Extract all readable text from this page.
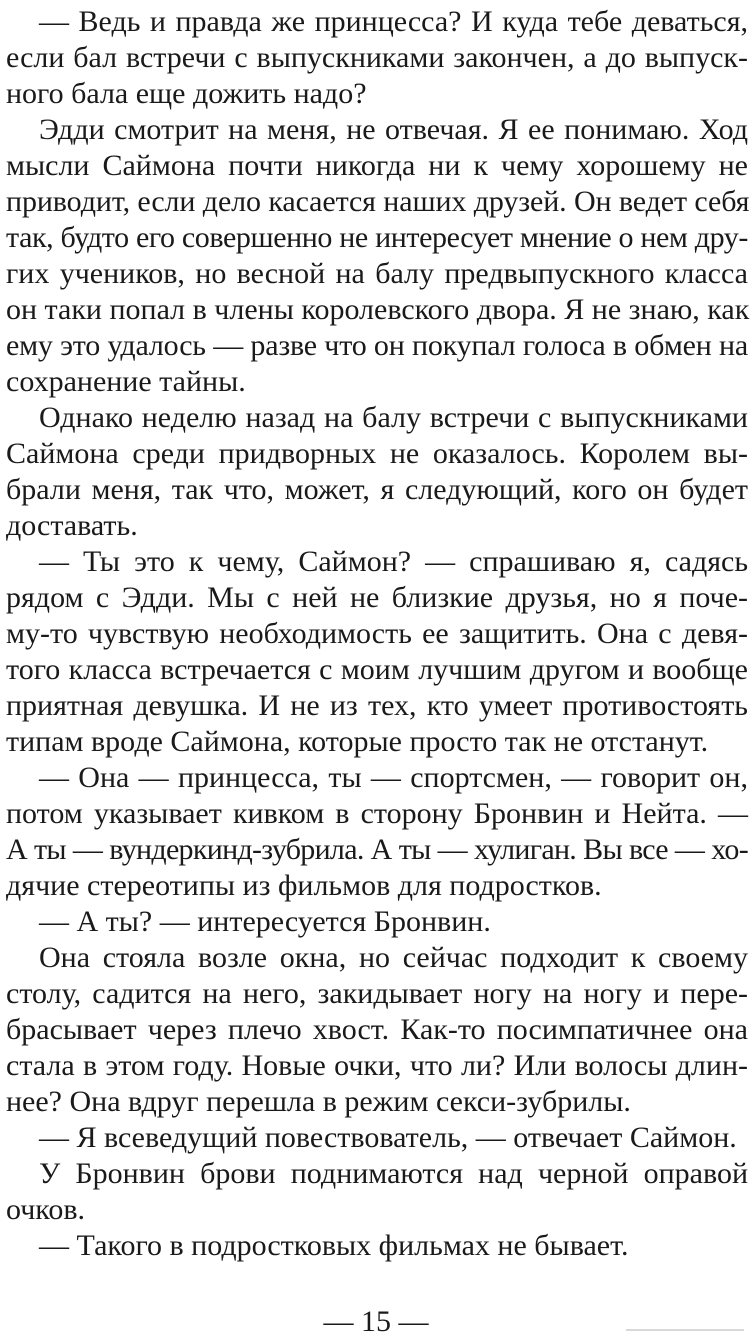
— Ведь и правда же принцесса? И куда тебе деваться,
если бал встречи с выпускниками закончен, а до выпуск-
ного бала еще дожить надо?
Эдди смотрит на меня, не отвечая. Я ее понимаю. Ход
мысли Саймона почти никогда ни к чему хорошему не
приводит, если дело касается наших друзей. Он ведет себя
так, будто его совершенно не интересует мнение о нем дру-
гих учеников, но весной на балу предвыпускного класса
он таки попал в члены королевского двора. Я не знаю, как
ему это удалось — разве что он покупал голоса в обмен на
сохранение тайны.
Однако неделю назад на балу встречи с выпускниками
Саймона среди придворных не оказалось. Королем вы-
брали меня, так что, может, я следующий, кого он будет
доставать.
— Ты это к чему, Саймон? — спрашиваю я, садясь
рядом с Эдди. Мы с ней не близкие друзья, но я поче-
му-то чувствую необходимость ее защитить. Она с девя-
того класса встречается с моим лучшим другом и вообще
приятная девушка. И не из тех, кто умеет противостоять
типам вроде Саймона, которые просто так не отстанут.
— Она — принцесса, ты — спортсмен, — говорит он,
потом указывает кивком в сторону Бронвин и Нейта. —
А ты — вундеркинд-зубрила. А ты — хулиган. Вы все — хо-
дячие стереотипы из фильмов для подростков.
— А ты? — интересуется Бронвин.
Она стояла возле окна, но сейчас подходит к своему
столу, садится на него, закидывает ногу на ногу и пере-
брасывает через плечо хвост. Как-то посимпатичнее она
стала в этом году. Новые очки, что ли? Или волосы длин-
нее? Она вдруг перешла в режим секси-зубрилы.
— Я всеведущий повествователь, — отвечает Саймон.
У Бронвин брови поднимаются над черной оправой
очков.
— Такого в подростковых фильмах не бывает.
— 15 —
